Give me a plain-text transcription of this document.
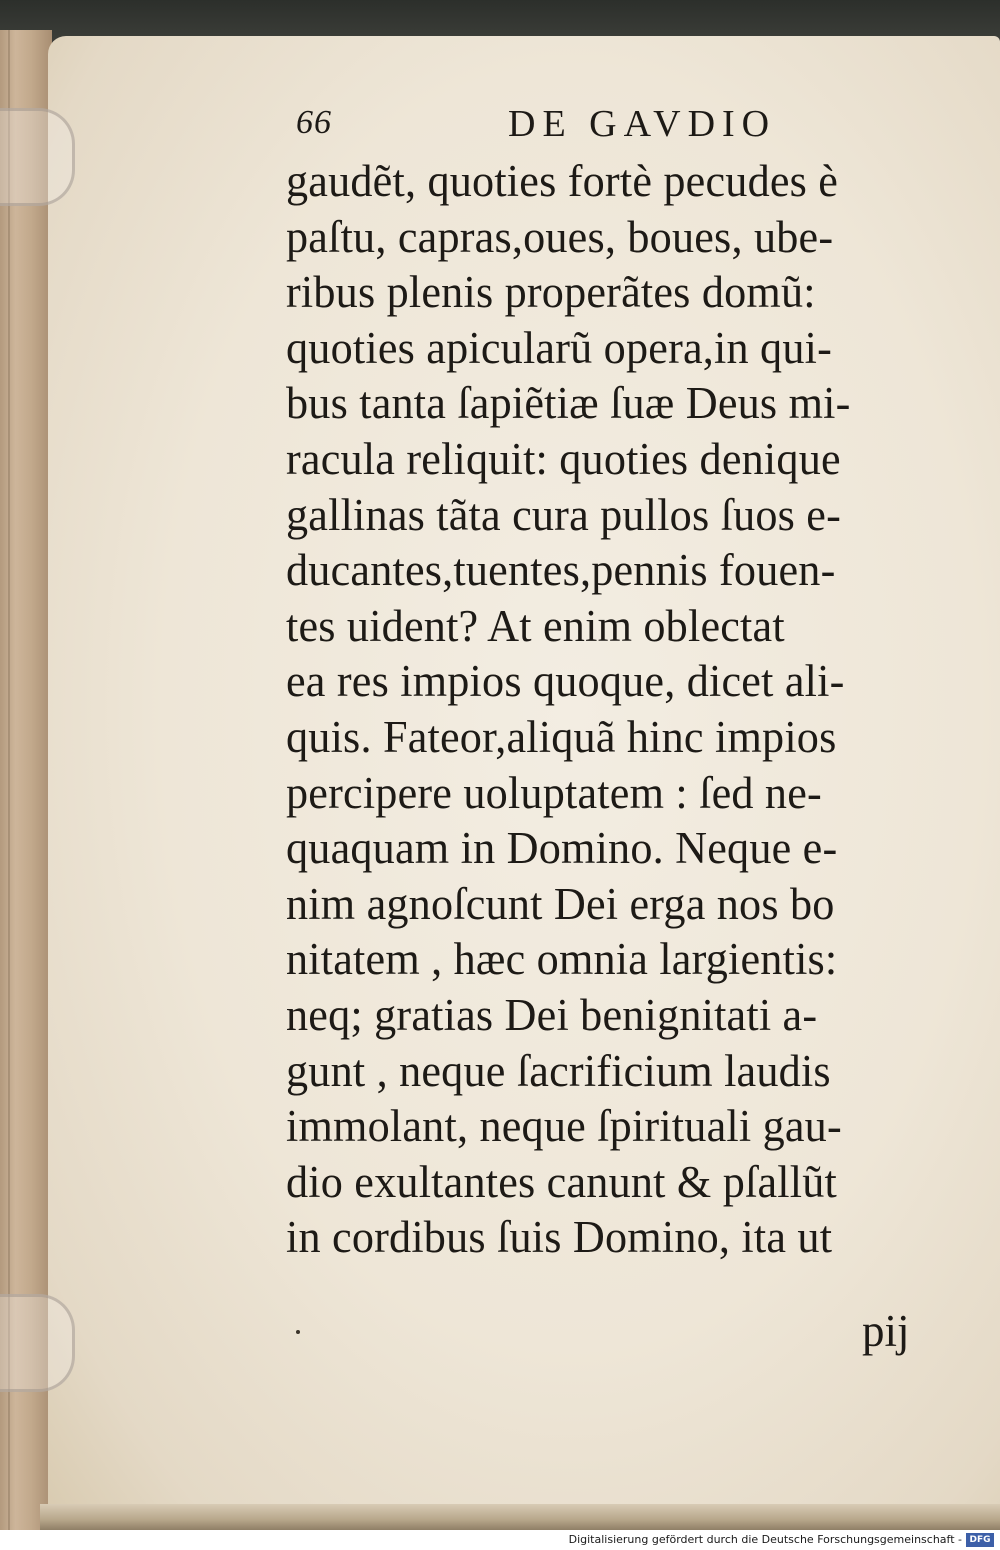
66	DE GAVDIO
gaudẽt, quoties fortè pecudes è
paſtu, capras,oues, boues, ube-
ribus plenis properãtes domũ:
quoties apicularũ opera,in qui-
bus tanta ſapiẽtiæ ſuæ Deus mi-
racula reliquit: quoties denique
gallinas tãta cura pullos ſuos e-
ducantes,tuentes,pennis fouen-
tes uident? At enim oblectat
ea res impios quoque, dicet ali-
quis. Fateor,aliquã hinc impios
percipere uoluptatem : ſed ne-
quaquam in Domino. Neque e-
nim agnoſcunt Dei erga nos bo
nitatem , hæc omnia largientis:
neq; gratias Dei benignitati a-
gunt , neque ſacrificium laudis
immolant, neque ſpirituali gau-
dio exultantes canunt & pſallũt
in cordibus ſuis Domino, ita ut
pij
Digitalisierung gefördert durch die Deutsche Forschungsgemeinschaft - DFG
